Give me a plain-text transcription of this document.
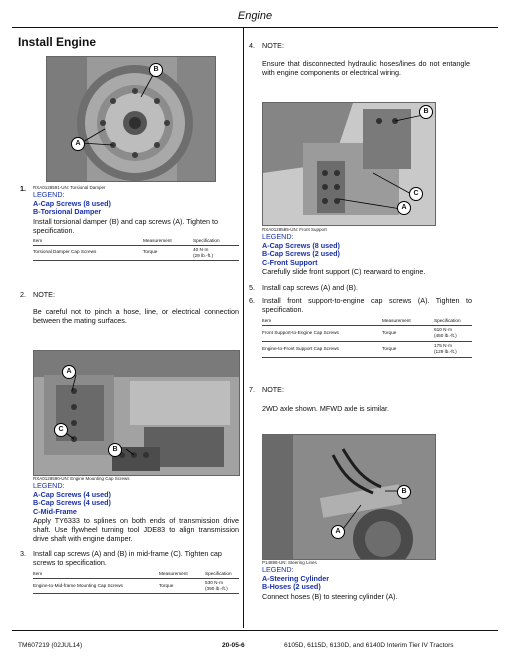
Engine
Install Engine
B
A
1. RXA0128591-UN: Torsional Damper
LEGEND:
A-Cap Screws (8 used)
B-Torsional Damper
Install torsional damper (B) and cap screws (A). Tighten to specification.
Item	Measurement	Specification
Torsional Damper Cap Screws	Torque	40 N·m
(29 lb.-ft.)
2. NOTE:
Be careful not to pinch a hose, line, or electrical connection between the mating surfaces.
A
C
B
RXA0128590-UN: Engine Mounting Cap Screws
LEGEND:
A-Cap Screws (4 used)
B-Cap Screws (4 used)
C-Mid-Frame
Apply TY6333 to splines on both ends of transmission drive shaft. Use flywheel turning tool JDE83 to align transmission drive shaft with engine damper.
3. Install cap screws (A) and (B) in mid-frame (C). Tighten cap screws to specification.
Item	Measurement	Specification
Engine-to-Mid-frame Mounting Cap Screws	Torque
530 N·m
(390 lb.-ft.)
4. NOTE:
Ensure that disconnected hydraulic hoses/lines do not entangle with engine components or electrical wiring.
B
C
A
RXA0128585-UN: Front Support
LEGEND:
A-Cap Screws (8 used)
B-Cap Screws (2 used)
C-Front Support
Carefully slide front support (C) rearward to engine.
5. Install cap screws (A) and (B).
6. Install front support-to-engine cap screws (A). Tighten to specification.
Item	Measurement	Specification
Front Support-to-Engine Cap Screws	Torque
610 N·m
(450 lb.-ft.)
Engine-to-Front Support Cap Screws	Torque
175 N·m
(129 lb.-ft.)
7. NOTE:
2WD axle shown. MFWD axle is similar.
B
A
P14896-UN: Steering Lines
LEGEND:
A-Steering Cylinder
B-Hoses (2 used)
Connect hoses (B) to steering cylinder (A).
TM607219 (02JUL14)	20-05-6	6105D, 6115D, 6130D, and 6140D Interim Tier IV Tractors
